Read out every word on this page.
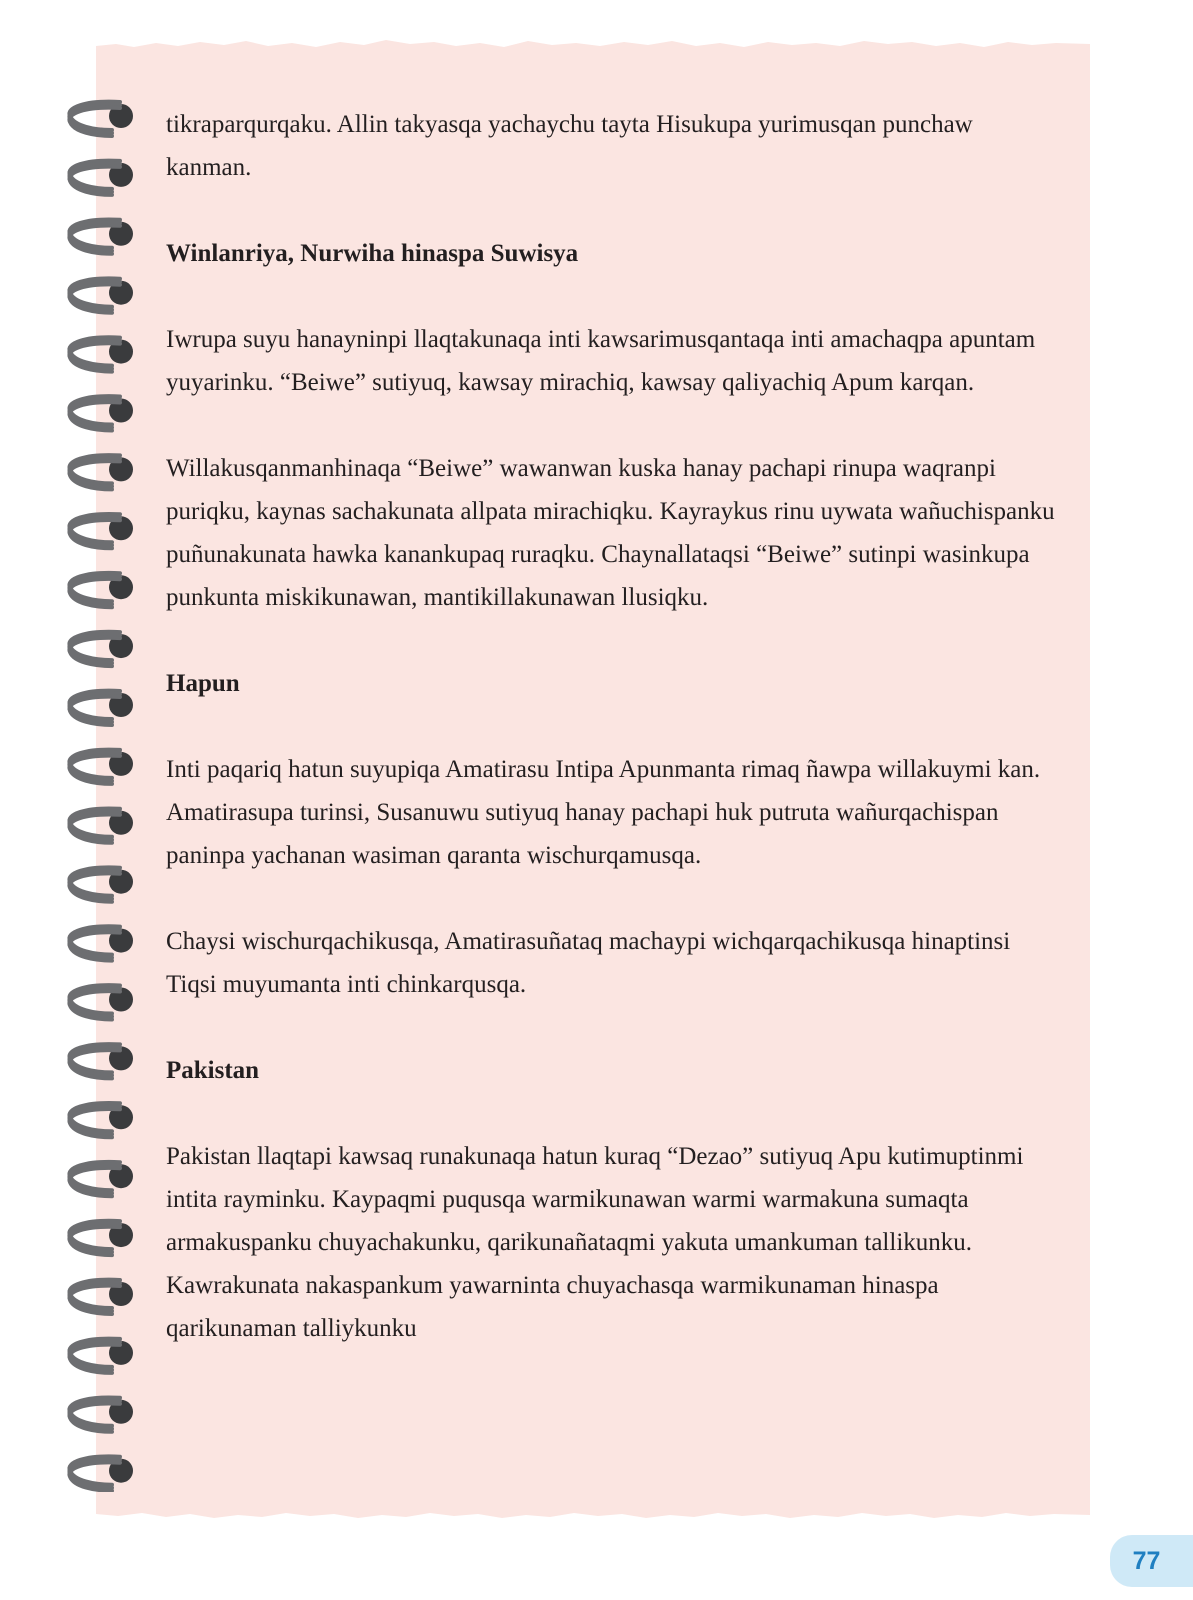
tikraparqurqaku. Allin takyasqa yachaychu tayta Hisukupa yurimusqan punchaw kanman.

Winlanriya, Nurwiha hinaspa Suwisya

Iwrupa suyu hanayninpi llaqtakunaqa inti kawsarimusqantaqa inti amachaqpa apuntam yuyarinku. “Beiwe” sutiyuq, kawsay mirachiq, kawsay qaliyachiq Apum karqan.

Willakusqanmanhinaqa “Beiwe” wawanwan kuska hanay pachapi rinupa waqranpi puriqku, kaynas sachakunata allpata mirachiqku. Kayraykus rinu uywata wañuchispanku puñunakunata hawka kanankupaq ruraqku. Chaynallataqsi “Beiwe” sutinpi wasinkupa punkunta miskikunawan, mantikillakunawan llusiqku.

Hapun

Inti paqariq hatun suyupiqa Amatirasu Intipa Apunmanta rimaq ñawpa willakuymi kan. Amatirasupa turinsi, Susanuwu sutiyuq hanay pachapi huk putruta wañurqachispan paninpa yachanan wasiman qaranta wischurqamusqa.

Chaysi wischurqachikusqa, Amatirasuñataq machaypi wichqarqachikusqa hinaptinsi Tiqsi muyumanta inti chinkarqusqa.

Pakistan

Pakistan llaqtapi kawsaq runakunaqa hatun kuraq “Dezao” sutiyuq Apu kutimuptinmi intita rayminku. Kaypaqmi puqusqa warmikunawan warmi warmakuna sumaqta armakuspanku chuyachakunku, qarikunañataqmi yakuta umankuman tallikunku. Kawrakunata nakaspankum yawarninta chuyachasqa warmikunaman hinaspa qarikunaman talliykunku

77
